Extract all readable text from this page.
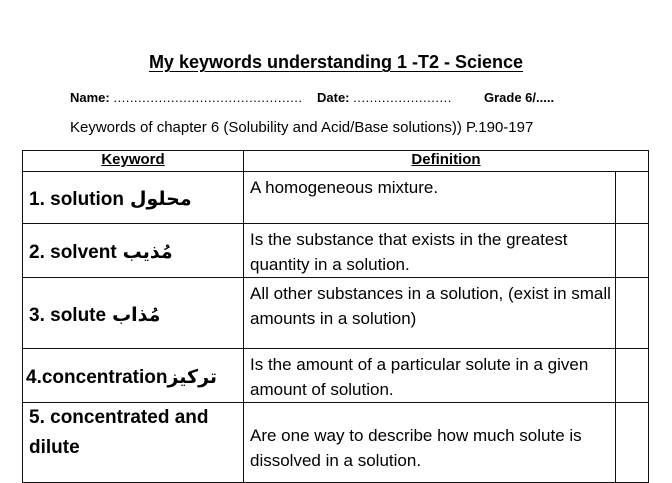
My keywords understanding 1 -T2 - Science
Name: .............................................. Date: ........................ Grade 6/.....
Keywords of chapter 6 (Solubility and Acid/Base solutions)) P.190-197
Keyword	Definition	
1. solution محلول	A homogeneous mixture.	
2. solvent مُذيب	Is the substance that exists in the greatest quantity in a solution.	
3. solute مُذاب	All other substances in a solution, (exist in small amounts in a solution)	
4.concentrationتركيز	Is the amount of a particular solute in a given amount of solution.	
5. concentrated and dilute	Are one way to describe how much solute is dissolved in a solution.	
